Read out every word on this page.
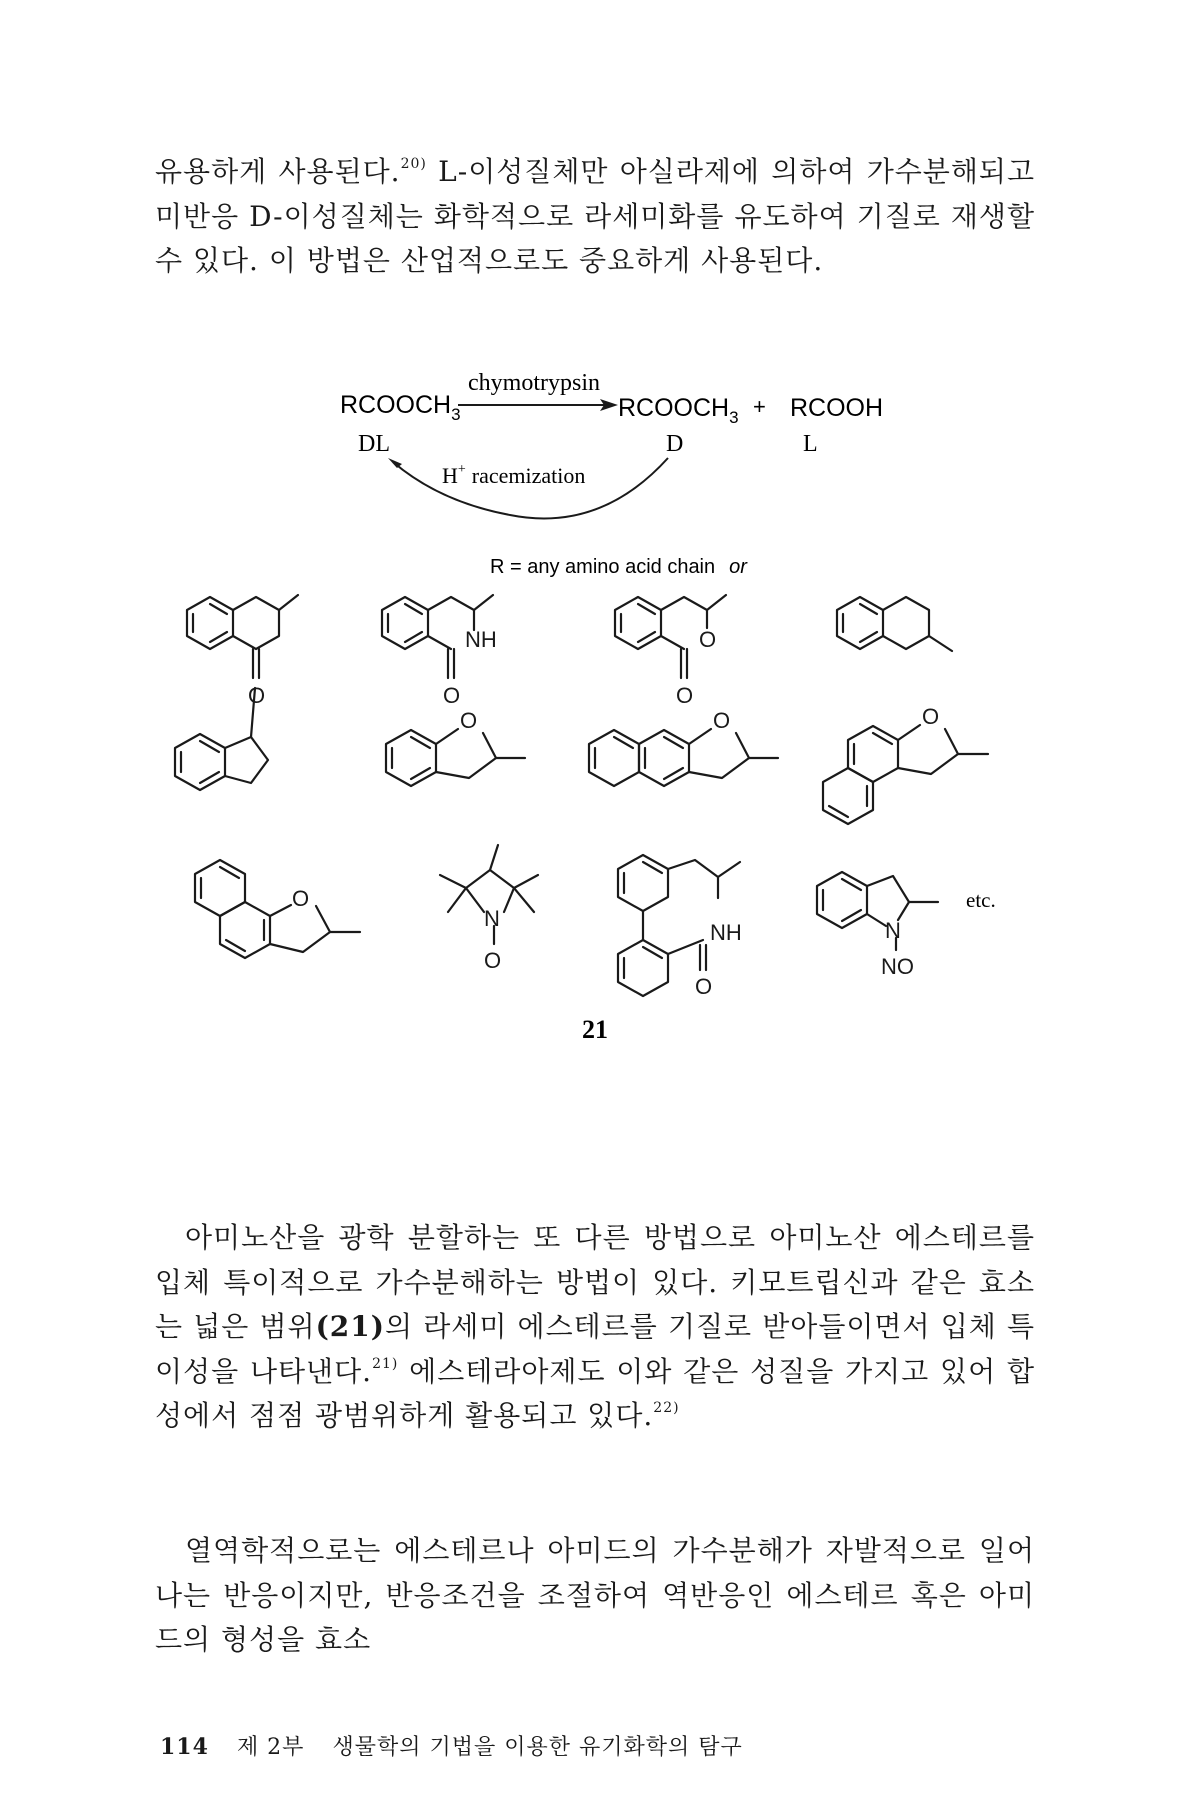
유용하게 사용된다.$^{20)}$ L-이성질체만 아실라제에 의하여 가수분해되고 미반응 D-이성질체는 화학적으로 라세미화를 유도하여 기질로 재생할 수 있다. 이 방법은 산업적으로도 중요하게 사용된다.

$RCOOCH_3$
DL
chymotrypsin
$RCOOCH_3$
D
+ RCOOH
L
H+ racemization
R = any amino acid chain or
O
NH
O
O
O
O	O	O
O
N
O
NH
O
N
NO
etc.
21

아미노산을 광학 분할하는 또 다른 방법으로 아미노산 에스테르를 입체 특이적으로 가수분해하는 방법이 있다. 키모트립신과 같은 효소는 넓은 범위(21)의 라세미 에스테르를 기질로 받아들이면서 입체 특이성을 나타낸다.$^{21)}$ 에스테라아제도 이와 같은 성질을 가지고 있어 합성에서 점점 광범위하게 활용되고 있다.$^{22)}$

열역학적으로는 에스테르나 아미드의 가수분해가 자발적으로 일어나는 반응이지만, 반응조건을 조절하여 역반응인 에스테르 혹은 아미드의 형성을 효소

114 제 2부 생물학의 기법을 이용한 유기화학의 탐구
